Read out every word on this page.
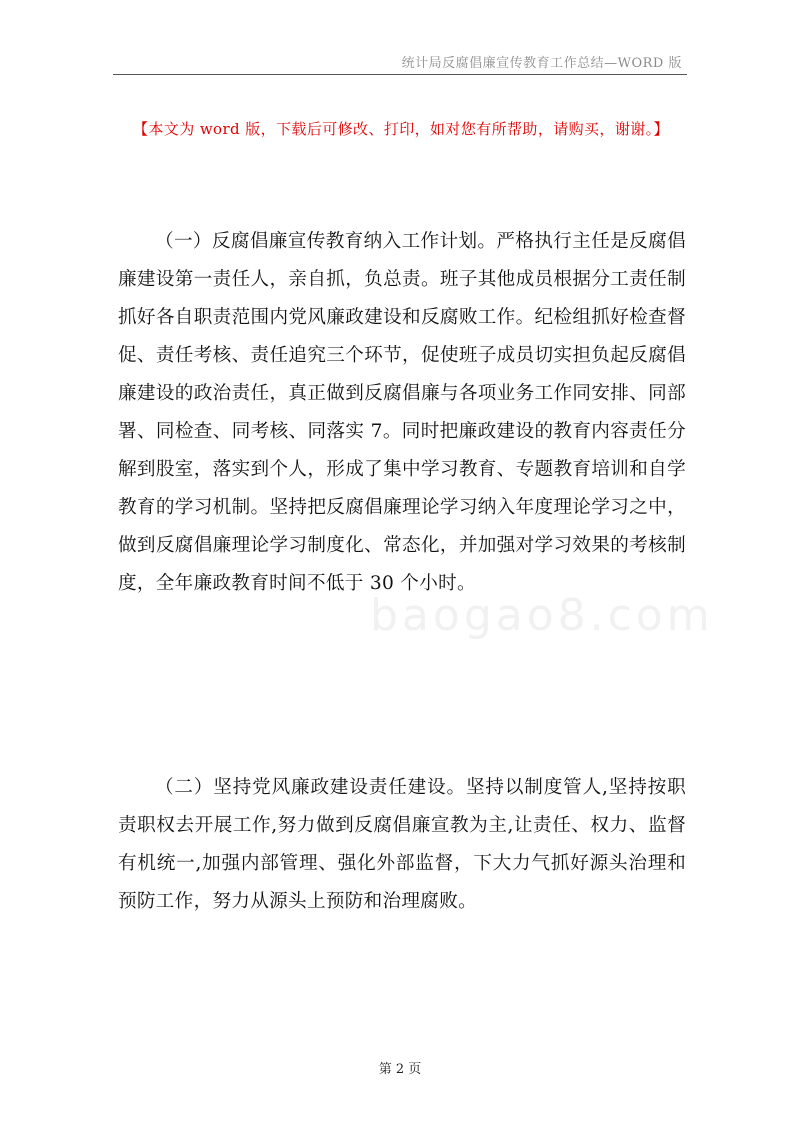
统计局反腐倡廉宣传教育工作总结—WORD 版
【本文为 word 版，下载后可修改、打印，如对您有所帮助，请购买，谢谢。】
baogao8.com

（一）反腐倡廉宣传教育纳入工作计划。严格执行主任是反腐倡廉建设第一责任人，亲自抓，负总责。班子其他成员根据分工责任制抓好各自职责范围内党风廉政建设和反腐败工作。纪检组抓好检查督促、责任考核、责任追究三个环节，促使班子成员切实担负起反腐倡廉建设的政治责任，真正做到反腐倡廉与各项业务工作同安排、同部署、同检查、同考核、同落实 7。同时把廉政建设的教育内容责任分解到股室，落实到个人，形成了集中学习教育、专题教育培训和自学教育的学习机制。坚持把反腐倡廉理论学习纳入年度理论学习之中，做到反腐倡廉理论学习制度化、常态化，并加强对学习效果的考核制度，全年廉政教育时间不低于 30 个小时。

（二）坚持党风廉政建设责任建设。坚持以制度管人,坚持按职责职权去开展工作,努力做到反腐倡廉宣教为主,让责任、权力、监督有机统一,加强内部管理、强化外部监督，下大力气抓好源头治理和预防工作，努力从源头上预防和治理腐败。

第 2 页
